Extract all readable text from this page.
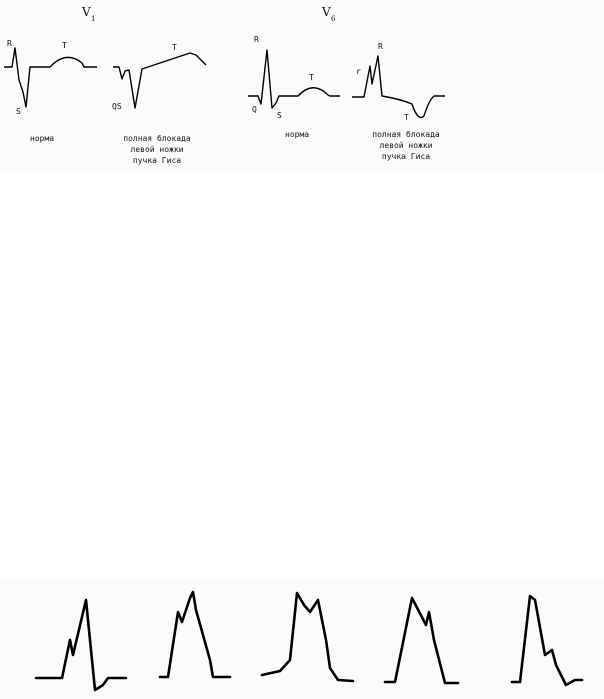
V 1	V 6
R
S
T
норма
QS
T
полная блокада
левой ножки
пучка Гиса
R
Q
S
T
норма
r
R
T
полная блокада
левой ножки
пучка Гиса
